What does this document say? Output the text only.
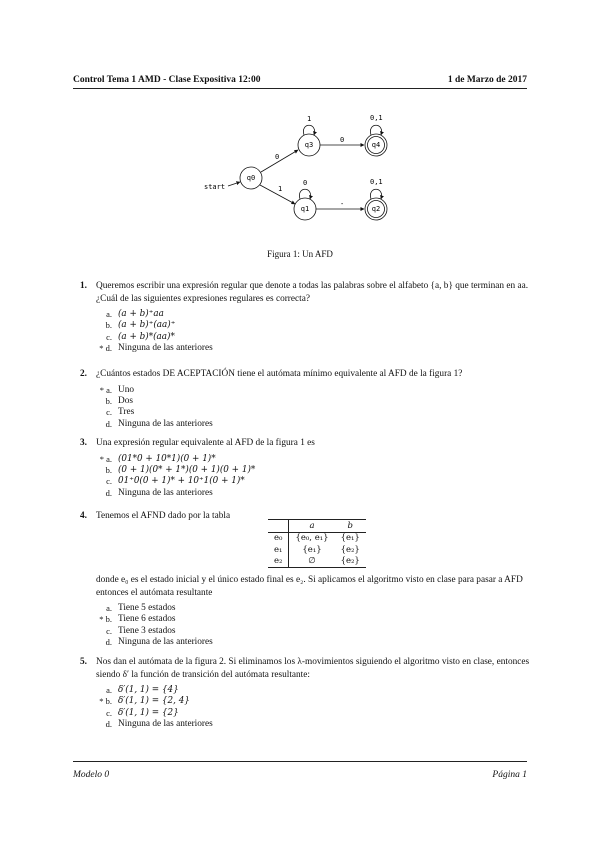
Control Tema 1 AMD - Clase Expositiva 12:00	1 de Marzo de 2017
start
q0
q3	q4
q1	q2
0
1
0
-
1	0,1
0	0,1
Figura 1: Un AFD
1. Queremos escribir una expresión regular que denote a todas las palabras sobre el alfabeto {a, b} que terminan en aa. ¿Cuál de las siguientes expresiones regulares es correcta?
a. (a + b)⁺aa
b. (a + b)⁺(aa)⁺
c. (a + b)*(aa)*
* d. Ninguna de las anteriores
2. ¿Cuántos estados DE ACEPTACIÓN tiene el autómata mínimo equivalente al AFD de la figura 1?
* a. Uno
b. Dos
c. Tres
d. Ninguna de las anteriores
3. Una expresión regular equivalente al AFD de la figura 1 es
* a. (01*0 + 10*1)(0 + 1)*
b. (0 + 1)(0* + 1*)(0 + 1)(0 + 1)*
c. 01⁺0(0 + 1)* + 10⁺1(0 + 1)*
d. Ninguna de las anteriores
4. Tenemos el AFND dado por la tabla
	a	b
e₀	{e₀, e₁}	{e₁}
e₁	{e₁}	{e₂}
e₂	∅	{e₂}
donde e₀ es el estado inicial y el único estado final es e₂. Si aplicamos el algoritmo visto en clase para pasar a AFD entonces el autómata resultante
a. Tiene 5 estados
* b. Tiene 6 estados
c. Tiene 3 estados
d. Ninguna de las anteriores
5. Nos dan el autómata de la figura 2. Si eliminamos los λ-movimientos siguiendo el algoritmo visto en clase, entonces siendo δ′ la función de transición del autómata resultante:
a. δ′(1, 1) = {4}
* b. δ′(1, 1) = {2, 4}
c. δ′(1, 1) = {2}
d. Ninguna de las anteriores
Modelo 0	Página 1
